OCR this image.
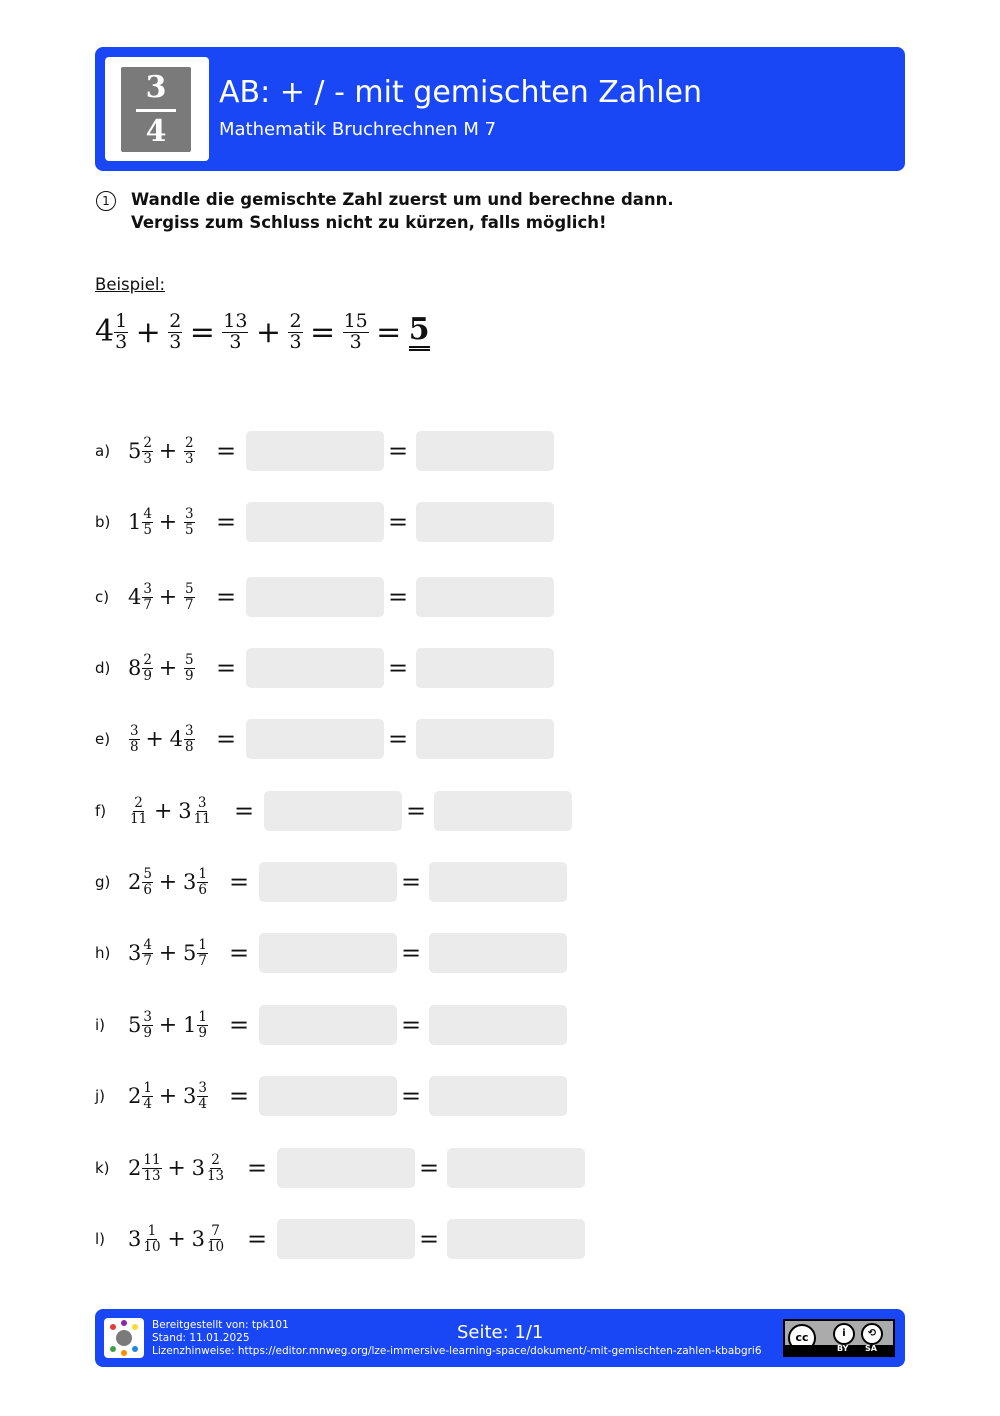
3
4
AB: + / - mit gemischten Zahlen
Mathematik Bruchrechnen M 7
1	Wandle die gemischte Zahl zuerst um und berechne dann.
Vergiss zum Schluss nicht zu kürzen, falls möglich!
Beispiel:
$4 \frac{1}{3} + \frac{2}{3} = \frac{13}{3} + \frac{2}{3} = \frac{15}{3} = 5$
a) $5 \frac{2}{3} + \frac{2}{3}$ =	=
b) $1 \frac{4}{5} + \frac{3}{5}$ =	=
c) $4 \frac{3}{7} + \frac{5}{7}$ =	=
d) $8 \frac{2}{9} + \frac{5}{9}$ =	=
$e) \frac{3}{8} + 4 \frac{3}{8}$ =	=
$f) \frac{2}{11} + 3 \frac{3}{11}$ =	=
g) $2 \frac{5}{6} + 3 \frac{1}{6}$ =	=
h) $3 \frac{4}{7} + 5 \frac{1}{7}$ =	=
i) $5 \frac{3}{9} + 1 \frac{1}{9}$ =	=
j) $2 \frac{1}{4} + 3 \frac{3}{4}$ =	=
k) $2 \frac{11}{13} + 3 \frac{2}{13}$ =	=
l) $3 \frac{1}{10} + 3 \frac{7}{10}$ =	=
Bereitgestellt von: tpk101
Stand: 11.01.2025
Lizenzhinweise: https://editor.mnweg.org/lze-immersive-learning-space/dokument/-mit-gemischten-zahlen-kbabgri6
Seite: 1/1	cc	i	⟲
BY SA
